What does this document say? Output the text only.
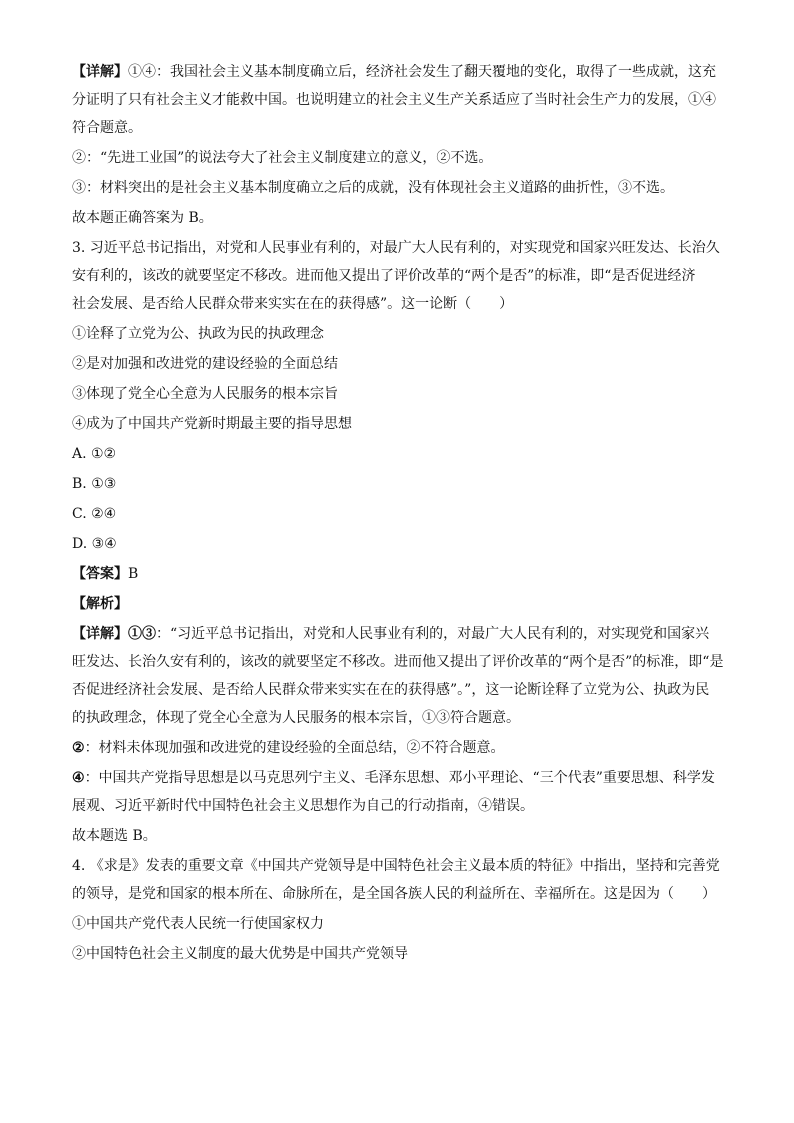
【详解】①④：我国社会主义基本制度确立后，经济社会发生了翻天覆地的变化，取得了一些成就，这充
分证明了只有社会主义才能救中国。也说明建立的社会主义生产关系适应了当时社会生产力的发展，①④
符合题意。
②：“先进工业国”的说法夸大了社会主义制度建立的意义，②不选。
③：材料突出的是社会主义基本制度确立之后的成就，没有体现社会主义道路的曲折性，③不选。
故本题正确答案为 B。
3. 习近平总书记指出，对党和人民事业有利的，对最广大人民有利的，对实现党和国家兴旺发达、长治久
安有利的，该改的就要坚定不移改。进而他又提出了评价改革的“两个是否”的标准，即“是否促进经济
社会发展、是否给人民群众带来实实在在的获得感”。这一论断（　　）
①诠释了立党为公、执政为民的执政理念
②是对加强和改进党的建设经验的全面总结
③体现了党全心全意为人民服务的根本宗旨
④成为了中国共产党新时期最主要的指导思想
A. ①②
B. ①③
C. ②④
D. ③④
【答案】B
【解析】
【详解】①③：“习近平总书记指出，对党和人民事业有利的，对最广大人民有利的，对实现党和国家兴
旺发达、长治久安有利的，该改的就要坚定不移改。进而他又提出了评价改革的“两个是否”的标准，即“是
否促进经济社会发展、是否给人民群众带来实实在在的获得感”。”，这一论断诠释了立党为公、执政为民
的执政理念，体现了党全心全意为人民服务的根本宗旨，①③符合题意。
②：材料未体现加强和改进党的建设经验的全面总结，②不符合题意。
④：中国共产党指导思想是以马克思列宁主义、毛泽东思想、邓小平理论、“三个代表”重要思想、科学发
展观、习近平新时代中国特色社会主义思想作为自己的行动指南，④错误。
故本题选 B。
4. 《求是》发表的重要文章《中国共产党领导是中国特色社会主义最本质的特征》中指出，坚持和完善党
的领导，是党和国家的根本所在、命脉所在，是全国各族人民的利益所在、幸福所在。这是因为（　　）
①中国共产党代表人民统一行使国家权力
②中国特色社会主义制度的最大优势是中国共产党领导
